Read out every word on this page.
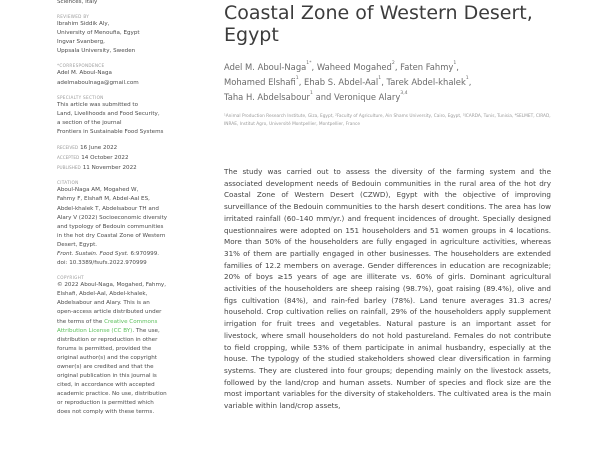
Sciences, Italy
REVIEWED BY
Ibrahim Siddik Aly,
University of Menoufia, Egypt
Ingvar Svanberg,
Uppsala University, Sweden
*CORRESPONDENCE
Adel M. Aboul-Naga
adelmaboulnaga@gmail.com
SPECIALTY SECTION
This article was submitted to
Land, Livelihoods and Food Security,
a section of the journal
Frontiers in Sustainable Food Systems
RECEIVED 16 June 2022
ACCEPTED 14 October 2022
PUBLISHED 11 November 2022
CITATION
Aboul-Naga AM, Mogahed W,
Fahmy F, Elshafi M, Abdel-Aal ES,
Abdel-khalek T, Abdelsabour TH and
Alary V (2022) Socioeconomic diversity
and typology of Bedouin communities
in the hot dry Coastal Zone of Western
Desert, Egypt.
Front. Sustain. Food Syst. 6:970999.
doi: 10.3389/fsufs.2022.970999
COPYRIGHT
© 2022 Aboul-Naga, Mogahed, Fahmy,
Elshafi, Abdel-Aal, Abdel-khalek,
Abdelsabour and Alary. This is an
open-access article distributed under
the terms of the Creative Commons
Attribution License (CC BY). The use,
distribution or reproduction in other
forums is permitted, provided the
original author(s) and the copyright
owner(s) are credited and that the
original publication in this journal is
cited, in accordance with accepted
academic practice. No use, distribution
or reproduction is permitted which
does not comply with these terms.
Coastal Zone of Western Desert,
Egypt
Adel M. Aboul-Naga$^{1*}$, Waheed Mogahed$^2$, Faten Fahmy$^1$,
Mohamed Elshafi$^1$, Ehab S. Abdel-Aal$^1$, Tarek Abdel-khalek$^1$,
Taha H. Abdelsabour$^1$ and Veronique Alary$^{3,4}$
¹Animal Production Research Institute, Giza, Egypt, ²Faculty of Agriculture, Ain Shams University, Cairo, Egypt, ³ICARDA, Tunis, Tunisia, ⁴SELMET, CIRAD, INRAE, Institut Agro, Université Montpellier, Montpellier, France

The study was carried out to assess the diversity of the farming system and the associated development needs of Bedouin communities in the rural area of the hot dry Coastal Zone of Western Desert (CZWD), Egypt with the objective of improving surveillance of the Bedouin communities to the harsh desert conditions. The area has low irritated rainfall (60–140 mm/yr.) and frequent incidences of drought. Specially designed questionnaires were adopted on 151 householders and 51 women groups in 4 locations. More than 50% of the householders are fully engaged in agriculture activities, whereas 31% of them are partially engaged in other businesses. The householders are extended families of 12.2 members on average. Gender differences in education are recognizable; 20% of boys ≥15 years of age are illiterate vs. 60% of girls. Dominant agricultural activities of the householders are sheep raising (98.7%), goat raising (89.4%), olive and figs cultivation (84%), and rain-fed barley (78%). Land tenure averages 31.3 acres/ household. Crop cultivation relies on rainfall, 29% of the householders apply supplement irrigation for fruit trees and vegetables. Natural pasture is an important asset for livestock, where small householders do not hold pastureland. Females do not contribute to field cropping, while 53% of them participate in animal husbandry, especially at the house. The typology of the studied stakeholders showed clear diversification in farming systems. They are clustered into four groups; depending mainly on the livestock assets, followed by the land/crop and human assets. Number of species and flock size are the most important variables for the diversity of stakeholders. The cultivated area is the main variable within land/crop assets,
